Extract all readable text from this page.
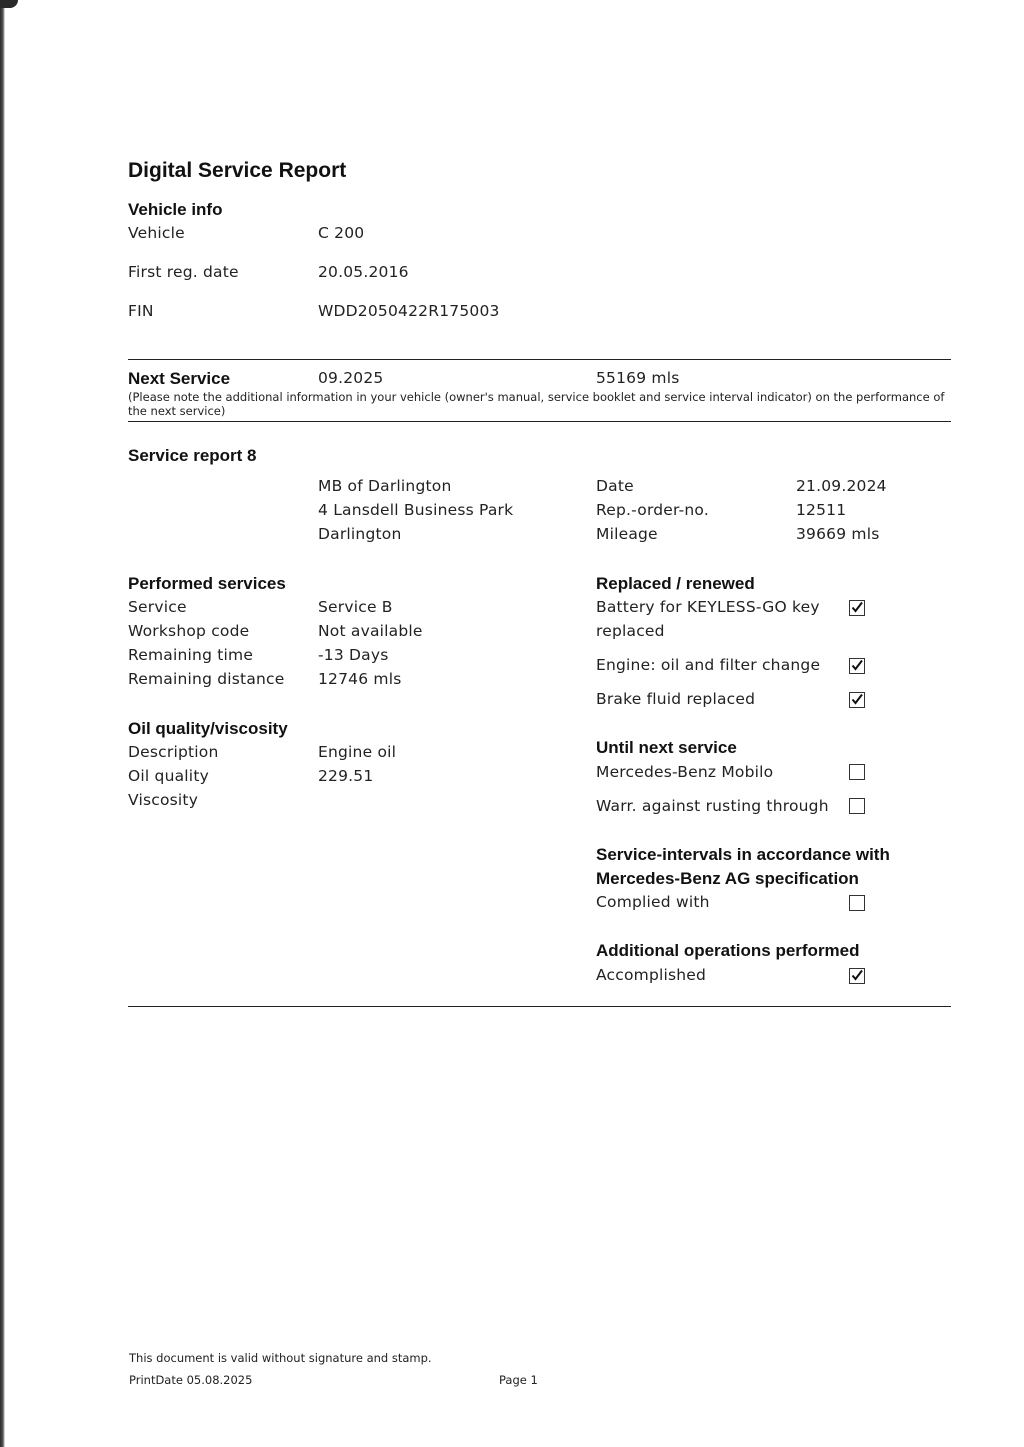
Digital Service Report
Vehicle info
Vehicle	C 200
First reg. date	20.05.2016
FIN	WDD2050422R175003
Next Service	09.2025	55169 mls
(Please note the additional information in your vehicle (owner's manual, service booklet and service interval indicator) on the performance of the next service)
Service report 8
MB of Darlington
4 Lansdell Business Park
Darlington
Date	21.09.2024
Rep.-order-no.	12511
Mileage	39669 mls
Performed services
Service	Service B
Workshop code	Not available
Remaining time	-13 Days
Remaining distance 12746 mls
Oil quality/viscosity
Description	Engine oil
Oil quality	229.51
Viscosity
Replaced / renewed
Battery for KEYLESS-GO key
replaced
Engine: oil and filter change
Brake fluid replaced
Until next service
Mercedes-Benz Mobilo
Warr. against rusting through
Service-intervals in accordance with
Mercedes-Benz AG specification
Complied with
Additional operations performed
Accomplished
This document is valid without signature and stamp.
PrintDate 05.08.2025	Page 1
